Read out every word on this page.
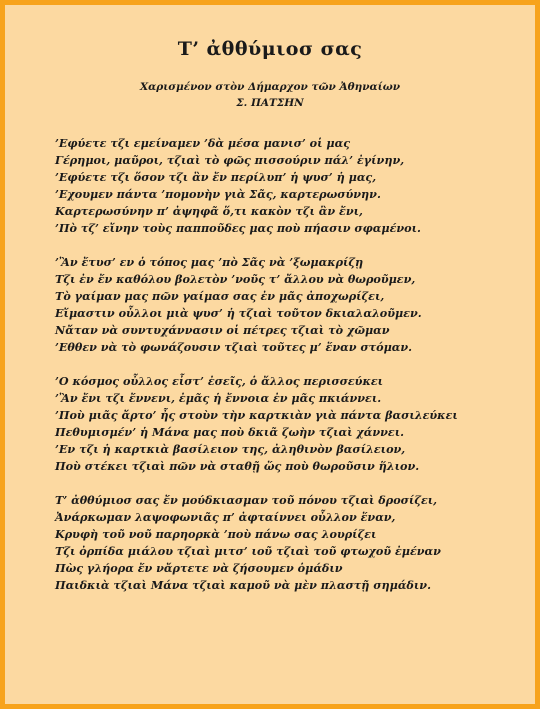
Τ’ ἀθθύμιοσ σας
Χαρισμένον στὸν Δήμαρχον τῶν Ἀθηναίων
Σ. ΠΑΤΣΗΝ
’Εφύετε τζι εμείναμεν ’δὰ μέσα μανισ’ οἱ μας
Γέρημοι, μαῦροι, τζιαὶ τὸ φῶς πισσούριν πάλ’ ἐγίνην,
’Εφύετε τζι ὅσον τζι ἂν ἔν περίλυπ’ ἡ ψυσ’ ἡ μας,
’Εχουμεν πάντα ’πομονὴν γιὰ Σᾶς, καρτερωσύνην.
Καρτερωσύνην π’ ἀψηφᾶ ὅ,τι κακὸν τζι ἂν ἔνι,
’Πὸ τζ’ εἴνην τοὺς παπποῦδες μας ποὺ πήασιν σφαμένοι.
’Ἂν ἔτυσ’ εν ὁ τόπος μας ’πὸ Σᾶς νὰ ’ξωμακρίζῃ
Τζι ἐν ἔν καθόλου βολετὸν ’νοῦς τ’ ἄλλου νὰ θωροῦμεν,
Τὸ γαίμαν μας πῶν γαίμασ σας ἐν μᾶς ἀποχωρίζει,
Εἴμαστιν οὖλλοι μιὰ ψυσ’ ἡ τζιαὶ τοῦτον δκιαλαλοῦμεν.
Νἄταν νὰ συντυχάννασιν οἱ πέτρες τζιαὶ τὸ χῶμαν
’Εθθεν νὰ τὸ φωνάζουσιν τζιαὶ τοῦτες μ’ ἕναν στόμαν.
’Ο κόσμος οὖλλος εἶστ’ ἐσεῖς, ὁ ἄλλος περισσεύκει
’Ἂν ἔνι τζι ἔννενι, ἐμᾶς ἡ ἔννοια ἐν μᾶς πκιάννει.
’Ποὺ μιᾶς ἄρτο’ ἦς στοὺν τὴν καρτκιὰν γιὰ πάντα βασιλεύκει
Πεθυμισμέν’ ἡ Μάνα μας ποὺ δκιᾶ ζωὴν τζιαὶ χάννει.
’Εν τζι ἡ καρτκιὰ βασίλειον της, ἀληθινὸν βασίλειον,
Ποὺ στέκει τζιαὶ πῶν νὰ σταθῇ ὥς ποὺ θωροῦσιν ἥλιον.
Τ’ ἀθθύμιοσ σας ἔν μούδκιασμαν τοῦ πόνου τζιαὶ δροσίζει,
Ἀνάρκωμαν λαψοφωνιᾶς π’ ἀφταίννει οὖλλον ἕναν,
Κρυφὴ τοῦ νοῦ παρηορκὰ ’ποὺ πάνω σας λουρίζει
Τζι ὀρπίδα μιάλου τζιαὶ μιτσ’ ιοῦ τζιαὶ τοῦ φτωχοῦ ἐμέναν
Πὼς γλήορα ἔν νἄρτετε νὰ ζήσουμεν ὁμάδιν
Παιδκιὰ τζιαὶ Μάνα τζιαὶ καμοῦ νὰ μὲν πλαστῇ σημάδιν.
